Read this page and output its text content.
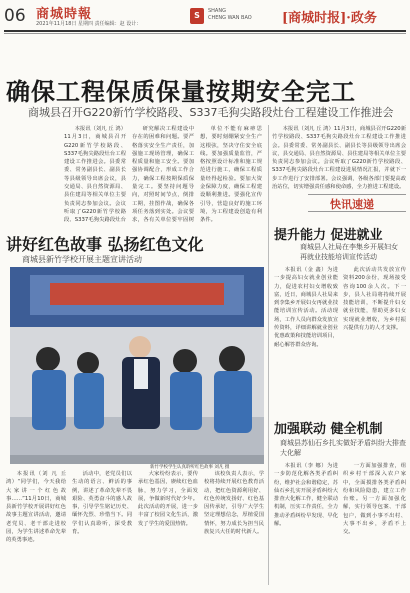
06 商城時報
2021年11月18日 星期四 责任编辑：赵 设计：
S	SHANG
CHENG WAN BAO [商城时报]·政务
确保工程保质保量按期安全完工
商城县召开G220新竹学校路段、S337毛狗尖路段灶台工程建设工作推进会

本报讯（刘凡 丘 鸿）11月3日，商城县召开G220新竹学校路段、S337毛狗尖路段灶台工程建设工作推进会。县委常委、常务副县长、副县长等县级领导出席会议，县交通局、县自然资源局、县住建局等相关单位主要负责同志参加会议。会议听取了G220新竹学校路段、S337毛狗尖路段灶台

研究解决工程建设中存在的困难和问题。要严格落实安全生产责任，加强施工现场管理，确保工程质量和施工安全。要加强协调配合，形成工作合力，确保工程按期保质保量完工。要坚持问题导向，对照时间节点，倒排工期，挂图作战，确保各项任务落到实处。会议要求，各有关单位要牢固树

单位不能有麻痹思想，要时刻绷紧安全生产这根弦，坚决守住安全底线。要加强质量监管，严格按照设计标准和施工规范进行施工，确保工程质量经得起检验。要加大资金保障力度，确保工程建设顺利推进。要强化宣传引导，营造良好的施工环境，为工程建设创造有利条件。

本报讯（刘凡 丘 鸿）11月3日，商城县召开G220新竹学校路段、S337毛狗尖路段灶台工程建设工作推进会。县委常委、常务副县长、副县长等县级领导出席会议，县交通局、县自然资源局、县住建局等相关单位主要负责同志参加会议。会议听取了G220新竹学校路段、S337毛狗尖路段灶台工程建设进展情况汇报，并就下一步工作进行了安排部署。会议强调，各级各部门要提高政治站位，切实增强责任感和使命感，全力推进工程建设。

快讯速递
提升能力 促进就业
商城县人社局在李集乡开展妇女再就业技能培训宣传活动

本报讯（金 鑫）为进一步提高妇女就业创业能力，促进农村妇女增收致富，近日，商城县人社局来到李集乡开展妇女再就业技能培训宣传活动。活动现场，工作人员向群众发放宣传资料，详细讲解就业创业优惠政策和技能培训项目，耐心解答群众咨询。

此次活动共发放宣传资料200余份，现场接受咨询100余人次。下一步，县人社局将持续开展技能培训，不断提升妇女就业技能，帮助更多妇女实现就业增收，为乡村振兴提供有力的人才支撑。

讲好红色故事 弘扬红色文化
商城县新竹学校开展主题宣讲活动
新竹学校学生认真聆听红色故事 刘凡 摄

本报讯（刘 凡 丘 鸿）“同学们，今天我给大家讲一个红色故事……”11月10日，商城县新竹学校开展讲好红色故事主题宣讲活动，邀请老党员、老干部走进校园，为学生讲述革命先辈的英勇事迹。

活动中，老党员们以生动的语言、鲜活的事例，讲述了革命先辈不畏艰险、英勇奋斗的感人故事，引导学生铭记历史、缅怀先烈、珍惜当下。同学们认真聆听，深受教育。

大家纷纷表示，要传承红色基因，赓续红色血脉，努力学习，全面发展，争做新时代好少年。此次活动的开展，进一步丰富了校园文化生活，激发了学生的爱国热情。

该校负责人表示，学校将持续开展红色教育活动，把红色资源利用好、红色传统发扬好、红色基因传承好，引导广大学生坚定理想信念，厚植爱国情怀，努力成长为担当民族复兴大任的时代新人。

加强联动 健全机制
商城县苏仙石乡扎实做好矛盾纠纷大排查大化解

本报讯（李 娜）为进一步防范化解各类矛盾纠纷，维护社会和谐稳定，苏仙石乡扎实开展矛盾纠纷大排查大化解工作，健全联动机制，压实工作责任，全力推动矛盾纠纷早发现、早化解。

一方面加强排查，组织乡村干部深入农户家中，全面摸排各类矛盾纠纷和风险隐患，建立工作台账。另一方面加强化解，实行领导包案、干部包户，做到小事不出村、大事不出乡，矛盾不上交。
